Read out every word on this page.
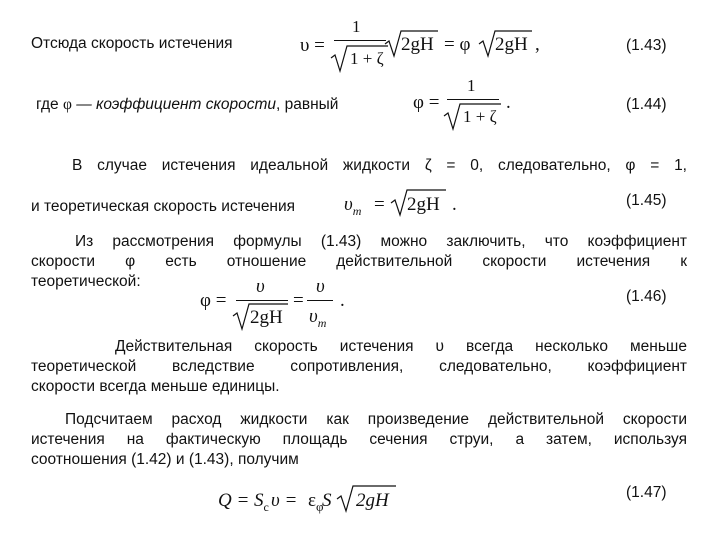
Отсюда скорость истечения	υ =
1
1 + ζ
2gH = φ 2gH ,	(1.43)
где φ — коэффициент скорости, равный	φ =
1
1 + ζ
.	(1.44)
В случае истечения идеальной жидкости ζ = 0, следовательно, φ = 1,
и теоретическая скорость истечения	$\upsilon_m = 2gH$ .	(1.45)
Из рассмотрения формулы (1.43) можно заключить, что коэффициент
скорости φ есть отношение действительной скорости истечения к
теоретической:
φ =
υ
2gH
=
υ
$\upsilon_m$
.	(1.46)
Действительная скорость истечения υ всегда несколько меньше
теоретической вследствие сопротивления, следовательно, коэффициент
скорости всегда меньше единицы.
Подсчитаем расход жидкости как произведение действительной скорости
истечения на фактическую площадь сечения струи, а затем, используя
соотношения (1.42) и (1.43), получим
$Q = S_c$ υ = ε φ
S 2gH	(1.47)
